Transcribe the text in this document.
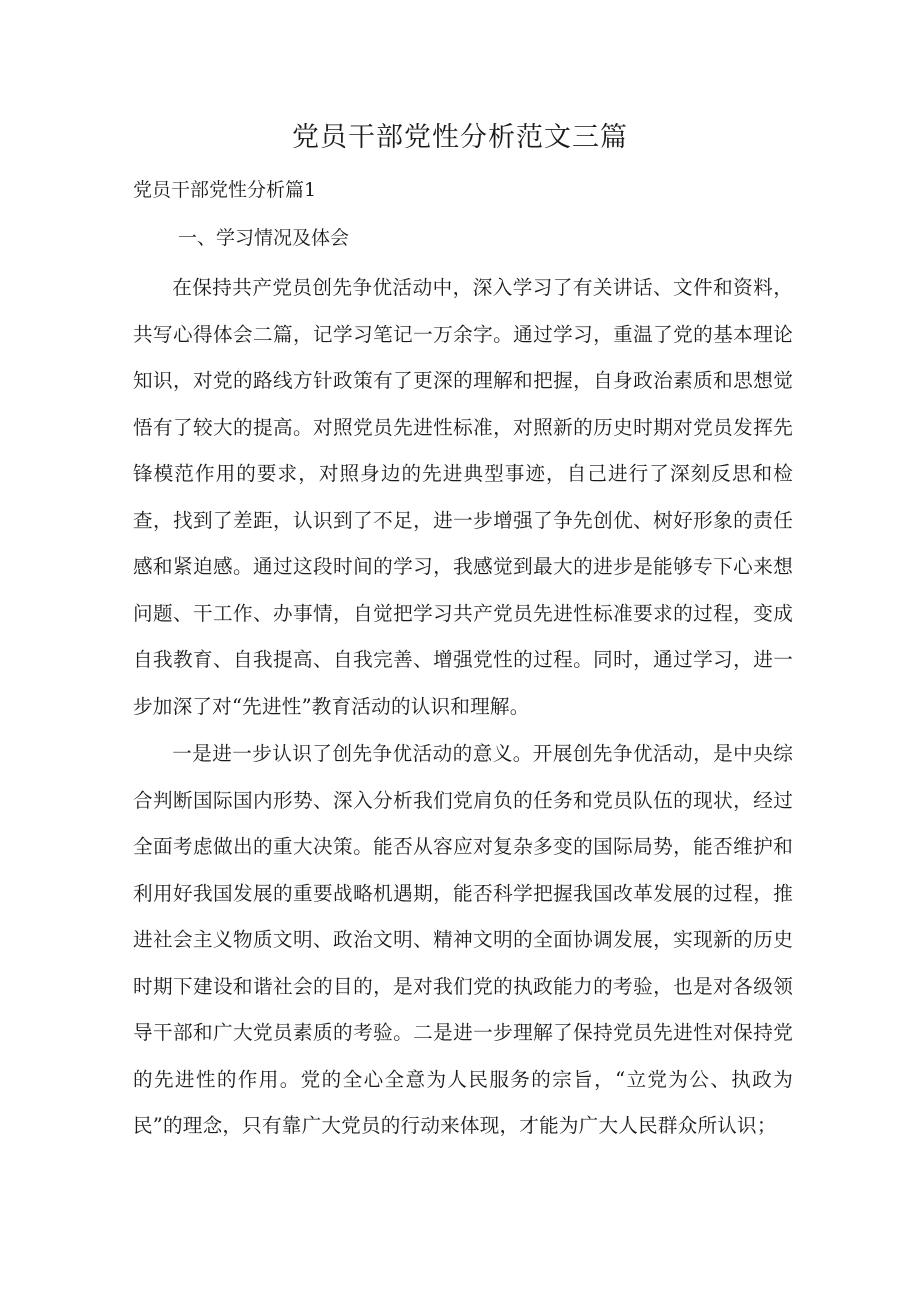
党员干部党性分析范文三篇
党员干部党性分析篇1

一、学习情况及体会

在保持共产党员创先争优活动中，深入学习了有关讲话、文件和资料，共写心得体会二篇，记学习笔记一万余字。通过学习，重温了党的基本理论知识，对党的路线方针政策有了更深的理解和把握，自身政治素质和思想觉悟有了较大的提高。对照党员先进性标准，对照新的历史时期对党员发挥先锋模范作用的要求，对照身边的先进典型事迹，自己进行了深刻反思和检查，找到了差距，认识到了不足，进一步增强了争先创优、树好形象的责任感和紧迫感。通过这段时间的学习，我感觉到最大的进步是能够专下心来想问题、干工作、办事情，自觉把学习共产党员先进性标准要求的过程，变成自我教育、自我提高、自我完善、增强党性的过程。同时，通过学习，进一步加深了对“先进性”教育活动的认识和理解。

一是进一步认识了创先争优活动的意义。开展创先争优活动，是中央综合判断国际国内形势、深入分析我们党肩负的任务和党员队伍的现状，经过全面考虑做出的重大决策。能否从容应对复杂多变的国际局势，能否维护和利用好我国发展的重要战略机遇期，能否科学把握我国改革发展的过程，推进社会主义物质文明、政治文明、精神文明的全面协调发展，实现新的历史时期下建设和谐社会的目的，是对我们党的执政能力的考验，也是对各级领导干部和广大党员素质的考验。二是进一步理解了保持党员先进性对保持党的先进性的作用。党的全心全意为人民服务的宗旨，“立党为公、执政为民”的理念，只有靠广大党员的行动来体现，才能为广大人民群众所认识；
